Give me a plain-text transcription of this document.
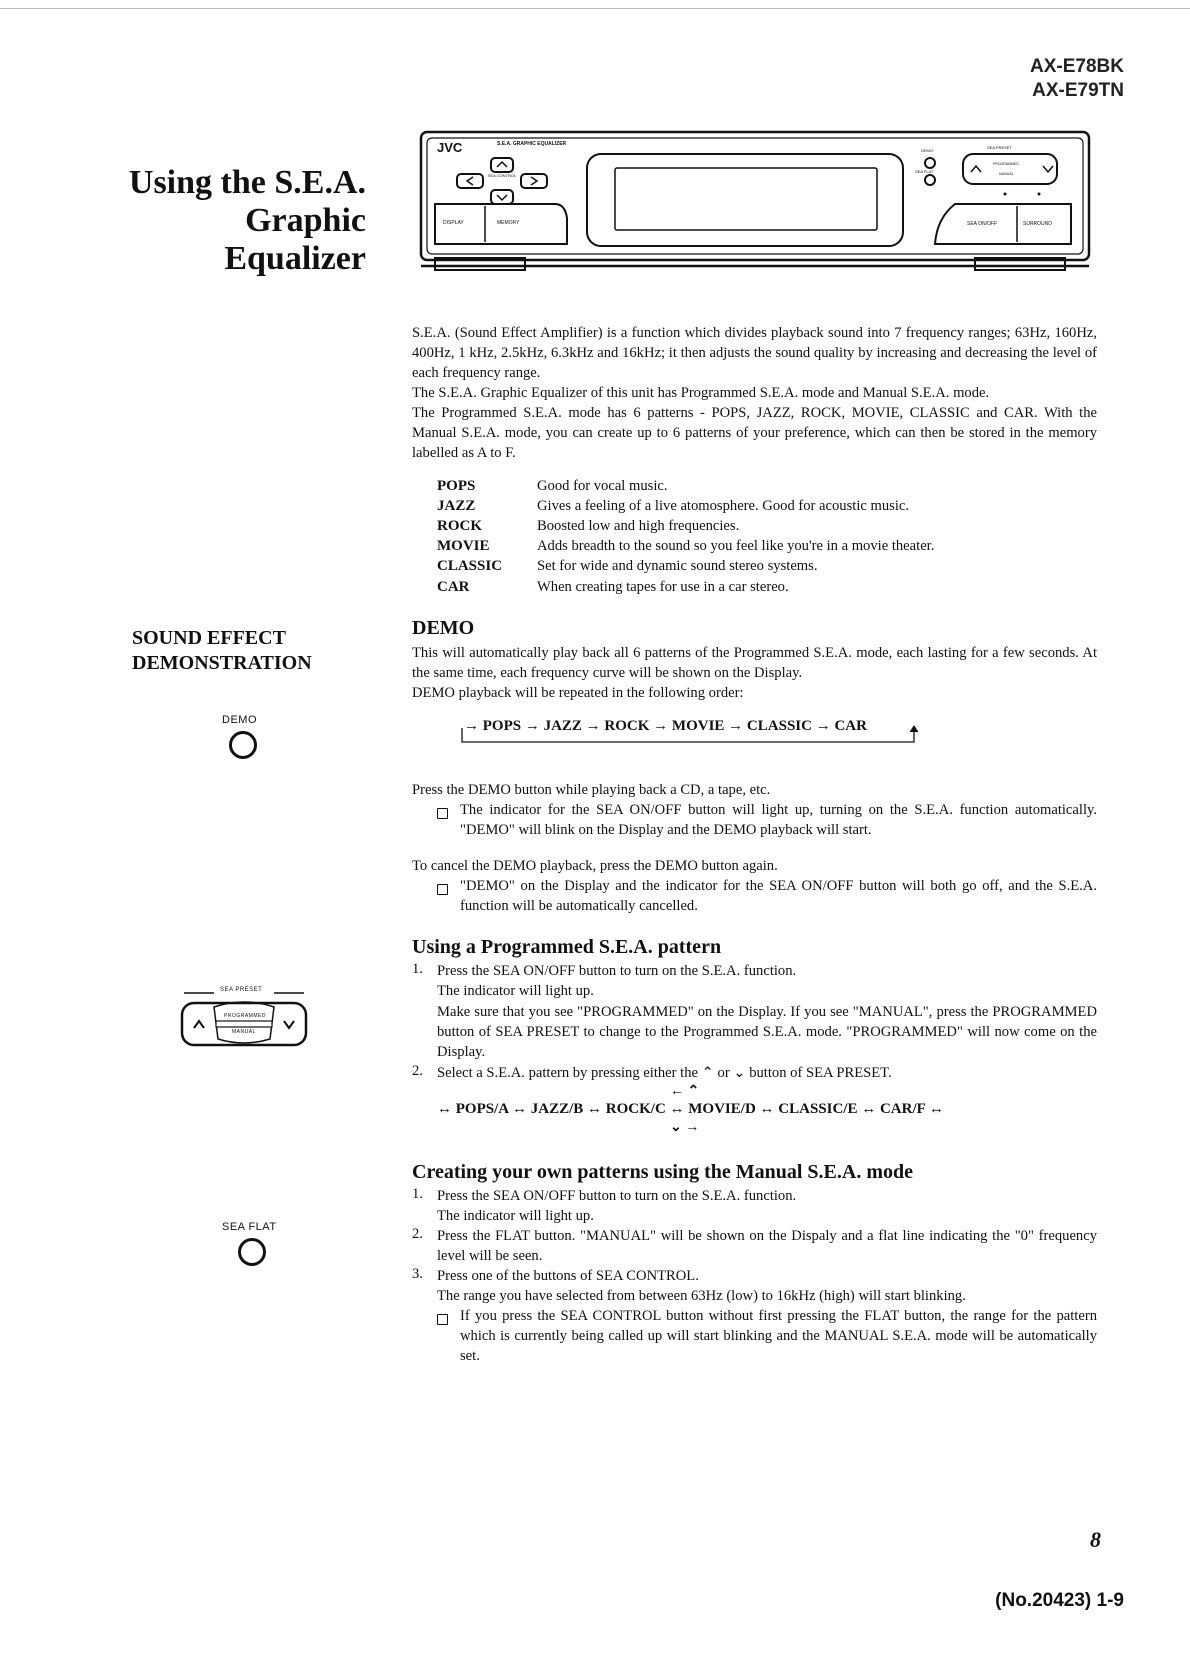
AX-E78BK
AX-E79TN
Using the S.E.A.
Graphic
Equalizer
JVC	S.E.A. GRAPHIC EQUALIZER
SEA CONTROL
DISPLAY	MEMORY
DEMO
SEA FLAT
SEA PRESET
PROGRAMMED
MANUAL
SEA ON/OFF	SURROUND
S.E.A. (Sound Effect Amplifier) is a function which divides playback sound into 7 frequency ranges; 63Hz, 160Hz, 400Hz, 1 kHz, 2.5kHz, 6.3kHz and 16kHz; it then adjusts the sound quality by increasing and decreasing the level of each frequency range.
The S.E.A. Graphic Equalizer of this unit has Programmed S.E.A. mode and Manual S.E.A. mode.
The Programmed S.E.A. mode has 6 patterns - POPS, JAZZ, ROCK, MOVIE, CLASSIC and CAR. With the Manual S.E.A. mode, you can create up to 6 patterns of your preference, which can then be stored in the memory labelled as A to F.
POPS	Good for vocal music.
JAZZ	Gives a feeling of a live atomosphere. Good for acoustic music.
ROCK	Boosted low and high frequencies.
MOVIE	Adds breadth to the sound so you feel like you're in a movie theater.
CLASSIC Set for wide and dynamic sound stereo systems.
CAR	When creating tapes for use in a car stereo.
SOUND EFFECT
DEMONSTRATION
DEMO
DEMO
This will automatically play back all 6 patterns of the Programmed S.E.A. mode, each lasting for a few seconds. At the same time, each frequency curve will be shown on the Display.
DEMO playback will be repeated in the following order:
→ POPS → JAZZ → ROCK → MOVIE → CLASSIC → CAR
Press the DEMO button while playing back a CD, a tape, etc.
The indicator for the SEA ON/OFF button will light up, turning on the S.E.A. function automatically. "DEMO" will blink on the Display and the DEMO playback will start.
To cancel the DEMO playback, press the DEMO button again.
"DEMO" on the Display and the indicator for the SEA ON/OFF button will both go off, and the S.E.A. function will be automatically cancelled.
SEA PRESET
PROGRAMMED
MANUAL
Using a Programmed S.E.A. pattern
1. Press the SEA ON/OFF button to turn on the S.E.A. function.
The indicator will light up.
Make sure that you see "PROGRAMMED" on the Display. If you see "MANUAL", press the PROGRAMMED button of SEA PRESET to change to the Programmed S.E.A. mode. "PROGRAMMED" will now come on the Display.
2. Select a S.E.A. pattern by pressing either the ⌃ or ⌄ button of SEA PRESET.
← ⌃
↔ POPS/A ↔ JAZZ/B ↔ ROCK/C ↔ MOVIE/D ↔ CLASSIC/E ↔ CAR/F ↔
⌄ →
Creating your own patterns using the Manual S.E.A. mode
1. Press the SEA ON/OFF button to turn on the S.E.A. function.
The indicator will light up.
2. Press the FLAT button. "MANUAL" will be shown on the Dispaly and a flat line indicating the "0" frequency level will be seen.
3. Press one of the buttons of SEA CONTROL.
The range you have selected from between 63Hz (low) to 16kHz (high) will start blinking.
If you press the SEA CONTROL button without first pressing the FLAT button, the range for the pattern which is currently being called up will start blinking and the MANUAL S.E.A. mode will be automatically set.
SEA FLAT
8
(No.20423) 1-9
